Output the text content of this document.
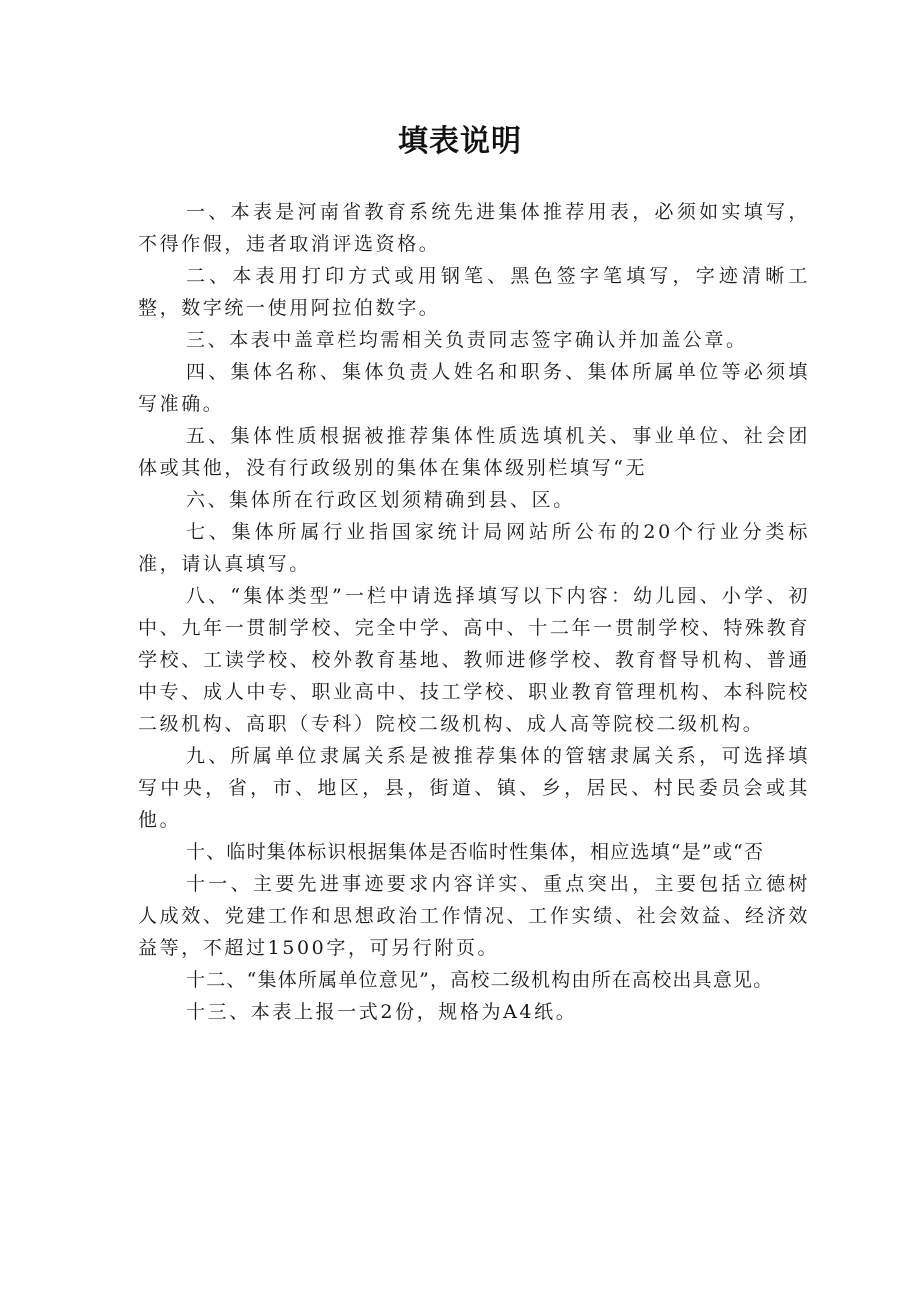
填表说明

一、本表是河南省教育系统先进集体推荐用表，必须如实填写，不得作假，违者取消评选资格。

二、本表用打印方式或用钢笔、黑色签字笔填写，字迹清晰工整，数字统一使用阿拉伯数字。

三、本表中盖章栏均需相关负责同志签字确认并加盖公章。

四、集体名称、集体负责人姓名和职务、集体所属单位等必须填写准确。

五、集体性质根据被推荐集体性质选填机关、事业单位、社会团体或其他，没有行政级别的集体在集体级别栏填写“无

六、集体所在行政区划须精确到县、区。

七、集体所属行业指国家统计局网站所公布的20个行业分类标准，请认真填写。

八、“集体类型”一栏中请选择填写以下内容：幼儿园、小学、初中、九年一贯制学校、完全中学、高中、十二年一贯制学校、特殊教育学校、工读学校、校外教育基地、教师进修学校、教育督导机构、普通中专、成人中专、职业高中、技工学校、职业教育管理机构、本科院校二级机构、高职（专科）院校二级机构、成人高等院校二级机构。

九、所属单位隶属关系是被推荐集体的管辖隶属关系，可选择填写中央，省，市、地区，县，街道、镇、乡，居民、村民委员会或其他。

十、临时集体标识根据集体是否临时性集体，相应选填“是”或“否

十一、主要先进事迹要求内容详实、重点突出，主要包括立德树人成效、党建工作和思想政治工作情况、工作实绩、社会效益、经济效益等，不超过1500字，可另行附页。

十二、“集体所属单位意见”，高校二级机构由所在高校出具意见。

十三、本表上报一式2份，规格为A4纸。
